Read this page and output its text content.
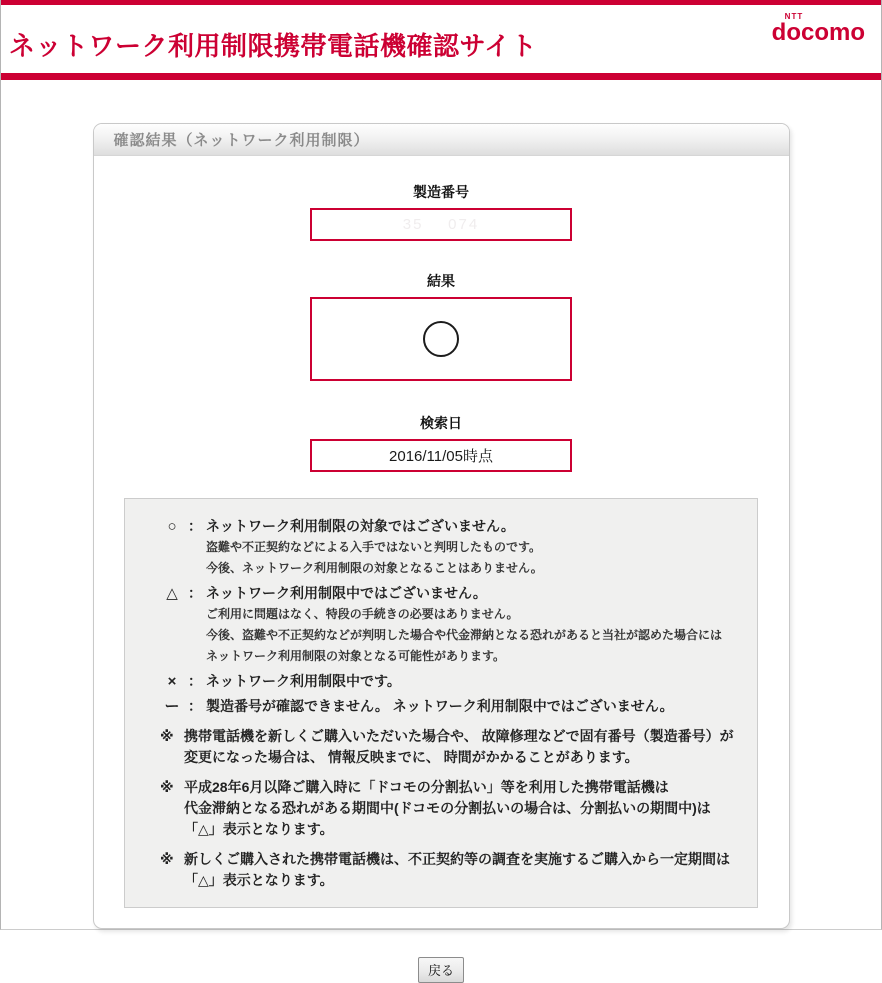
ネットワーク利用制限携帯電話機確認サイト
NTT
docomo
確認結果（ネットワーク利用制限）
製造番号
35    074
結果
検索日
2016/11/05時点
○ ： ネットワーク利用制限の対象ではございません。
盗難や不正契約などによる入手ではないと判明したものです。
今後、ネットワーク利用制限の対象となることはありません。
△ ： ネットワーク利用制限中ではございません。
ご利用に問題はなく、特段の手続きの必要はありません。
今後、盗難や不正契約などが判明した場合や代金滞納となる恐れがあると当社が認めた場合には
ネットワーク利用制限の対象となる可能性があります。
× ： ネットワーク利用制限中です。
ー ： 製造番号が確認できません。 ネットワーク利用制限中ではございません。
※ 携帯電話機を新しくご購入いただいた場合や、 故障修理などで固有番号（製造番号）が
変更になった場合は、 情報反映までに、 時間がかかることがあります。
※ 平成28年6月以降ご購入時に「ドコモの分割払い」等を利用した携帯電話機は
代金滞納となる恐れがある期間中(ドコモの分割払いの場合は、分割払いの期間中)は
「△」表示となります。
※ 新しくご購入された携帯電話機は、不正契約等の調査を実施するご購入から一定期間は
「△」表示となります。
戻る
